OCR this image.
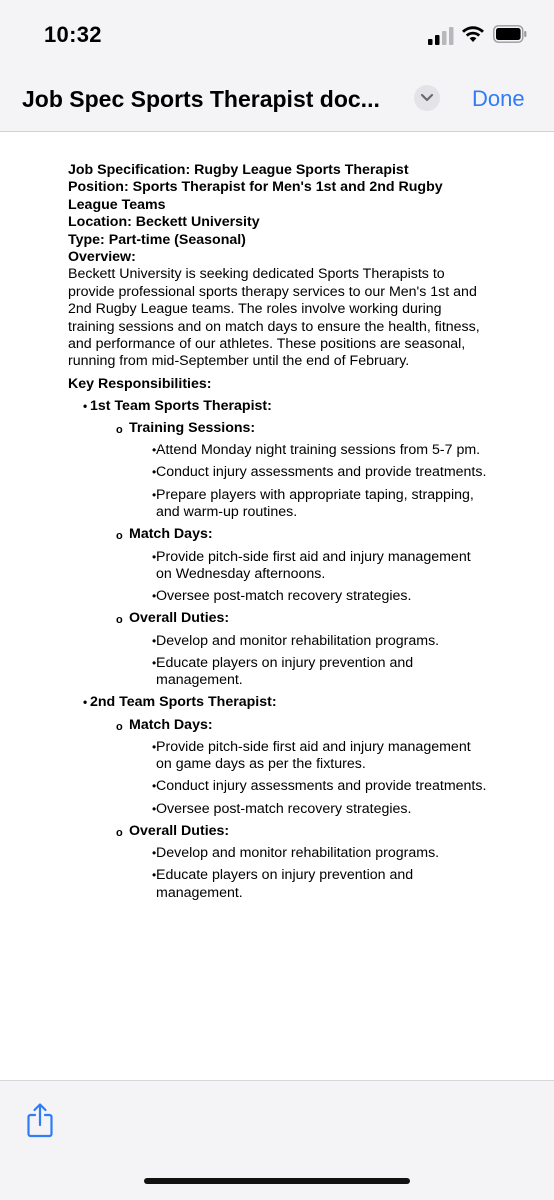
10:32
Job Spec Sports Therapist doc...	Done

Job Specification: Rugby League Sports Therapist

Position: Sports Therapist for Men's 1st and 2nd Rugby League Teams

Location: Beckett University

Type: Part-time (Seasonal)

Overview:

Beckett University is seeking dedicated Sports Therapists to provide professional sports therapy services to our Men's 1st and 2nd Rugby League teams. The roles involve working during training sessions and on match days to ensure the health, fitness, and performance of our athletes. These positions are seasonal, running from mid-September until the end of February.

Key Responsibilities:

• 1st Team Sports Therapist:
o Training Sessions:
• Attend Monday night training sessions from 5-7 pm.
• Conduct injury assessments and provide treatments.
• Prepare players with appropriate taping, strapping, and warm-up routines.
o Match Days:
• Provide pitch-side first aid and injury management on Wednesday afternoons.
• Oversee post-match recovery strategies.
o Overall Duties:
• Develop and monitor rehabilitation programs.
• Educate players on injury prevention and management.
• 2nd Team Sports Therapist:
o Match Days:
• Provide pitch-side first aid and injury management on game days as per the fixtures.
• Conduct injury assessments and provide treatments.
• Oversee post-match recovery strategies.
o Overall Duties:
• Develop and monitor rehabilitation programs.
• Educate players on injury prevention and management.
